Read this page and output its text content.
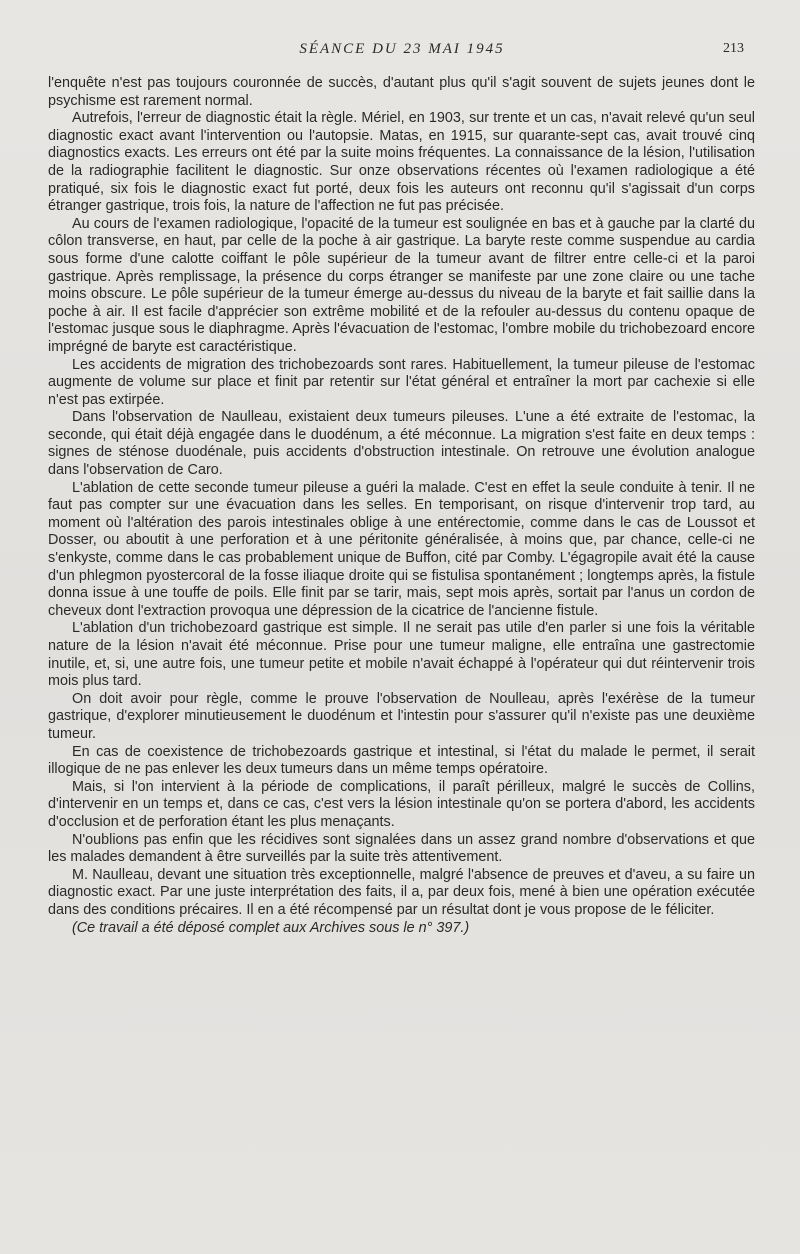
SÉANCE DU 23 MAI 1945	213

l'enquête n'est pas toujours couronnée de succès, d'autant plus qu'il s'agit souvent de sujets jeunes dont le psychisme est rarement normal.

Autrefois, l'erreur de diagnostic était la règle. Mériel, en 1903, sur trente et un cas, n'avait relevé qu'un seul diagnostic exact avant l'intervention ou l'autopsie. Matas, en 1915, sur quarante-sept cas, avait trouvé cinq diagnostics exacts. Les erreurs ont été par la suite moins fréquentes. La connaissance de la lésion, l'utilisation de la radiographie facilitent le diagnostic. Sur onze observations récentes où l'examen radiologique a été pratiqué, six fois le diagnostic exact fut porté, deux fois les auteurs ont reconnu qu'il s'agissait d'un corps étranger gastrique, trois fois, la nature de l'affection ne fut pas précisée.

Au cours de l'examen radiologique, l'opacité de la tumeur est soulignée en bas et à gauche par la clarté du côlon transverse, en haut, par celle de la poche à air gastrique. La baryte reste comme suspendue au cardia sous forme d'une calotte coiffant le pôle supérieur de la tumeur avant de filtrer entre celle-ci et la paroi gastrique. Après remplissage, la présence du corps étranger se manifeste par une zone claire ou une tache moins obscure. Le pôle supérieur de la tumeur émerge au-dessus du niveau de la baryte et fait saillie dans la poche à air. Il est facile d'apprécier son extrême mobilité et de la refouler au-dessus du contenu opaque de l'estomac jusque sous le diaphragme. Après l'évacuation de l'estomac, l'ombre mobile du trichobezoard encore imprégné de baryte est caractéristique.

Les accidents de migration des trichobezoards sont rares. Habituellement, la tumeur pileuse de l'estomac augmente de volume sur place et finit par retentir sur l'état général et entraîner la mort par cachexie si elle n'est pas extirpée.

Dans l'observation de Naulleau, existaient deux tumeurs pileuses. L'une a été extraite de l'estomac, la seconde, qui était déjà engagée dans le duodénum, a été méconnue. La migration s'est faite en deux temps : signes de sténose duodénale, puis accidents d'obstruction intestinale. On retrouve une évolution analogue dans l'observation de Caro.

L'ablation de cette seconde tumeur pileuse a guéri la malade. C'est en effet la seule conduite à tenir. Il ne faut pas compter sur une évacuation dans les selles. En temporisant, on risque d'intervenir trop tard, au moment où l'altération des parois intestinales oblige à une entérectomie, comme dans le cas de Loussot et Dosser, ou aboutit à une perforation et à une péritonite généralisée, à moins que, par chance, celle-ci ne s'enkyste, comme dans le cas probablement unique de Buffon, cité par Comby. L'égagropile avait été la cause d'un phlegmon pyostercoral de la fosse iliaque droite qui se fistulisa spontanément ; longtemps après, la fistule donna issue à une touffe de poils. Elle finit par se tarir, mais, sept mois après, sortait par l'anus un cordon de cheveux dont l'extraction provoqua une dépression de la cicatrice de l'ancienne fistule.

L'ablation d'un trichobezoard gastrique est simple. Il ne serait pas utile d'en parler si une fois la véritable nature de la lésion n'avait été méconnue. Prise pour une tumeur maligne, elle entraîna une gastrectomie inutile, et, si, une autre fois, une tumeur petite et mobile n'avait échappé à l'opérateur qui dut réintervenir trois mois plus tard.

On doit avoir pour règle, comme le prouve l'observation de Noulleau, après l'exérèse de la tumeur gastrique, d'explorer minutieusement le duodénum et l'intestin pour s'assurer qu'il n'existe pas une deuxième tumeur.

En cas de coexistence de trichobezoards gastrique et intestinal, si l'état du malade le permet, il serait illogique de ne pas enlever les deux tumeurs dans un même temps opératoire.

Mais, si l'on intervient à la période de complications, il paraît périlleux, malgré le succès de Collins, d'intervenir en un temps et, dans ce cas, c'est vers la lésion intestinale qu'on se portera d'abord, les accidents d'occlusion et de perforation étant les plus menaçants.

N'oublions pas enfin que les récidives sont signalées dans un assez grand nombre d'observations et que les malades demandent à être surveillés par la suite très attentivement.

M. Naulleau, devant une situation très exceptionnelle, malgré l'absence de preuves et d'aveu, a su faire un diagnostic exact. Par une juste interprétation des faits, il a, par deux fois, mené à bien une opération exécutée dans des conditions précaires. Il en a été récompensé par un résultat dont je vous propose de le féliciter.

(Ce travail a été déposé complet aux Archives sous le n° 397.)
